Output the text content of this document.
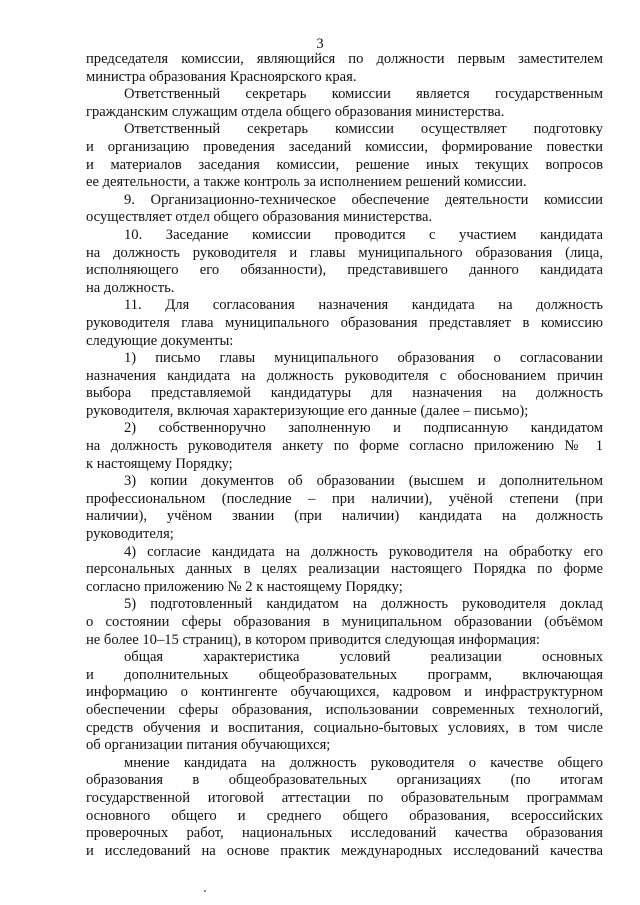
3
председателя комиссии, являющийся по должности первым заместителем
министра образования Красноярского края.
Ответственный секретарь комиссии является государственным
гражданским служащим отдела общего образования министерства.
Ответственный секретарь комиссии осуществляет подготовку
и организацию проведения заседаний комиссии, формирование повестки
и материалов заседания комиссии, решение иных текущих вопросов
ее деятельности, а также контроль за исполнением решений комиссии.
9. Организационно-техническое обеспечение деятельности комиссии
осуществляет отдел общего образования министерства.
10. Заседание комиссии проводится с участием кандидата
на должность руководителя и главы муниципального образования (лица,
исполняющего его обязанности), представившего данного кандидата
на должность.
11. Для согласования назначения кандидата на должность
руководителя глава муниципального образования представляет в комиссию
следующие документы:
1) письмо главы муниципального образования о согласовании
назначения кандидата на должность руководителя с обоснованием причин
выбора представляемой кандидатуры для назначения на должность
руководителя, включая характеризующие его данные (далее – письмо);
2) собственноручно заполненную и подписанную кандидатом
на должность руководителя анкету по форме согласно приложению № 1
к настоящему Порядку;
3) копии документов об образовании (высшем и дополнительном
профессиональном (последние – при наличии), учёной степени (при
наличии), учёном звании (при наличии) кандидата на должность
руководителя;
4) согласие кандидата на должность руководителя на обработку его
персональных данных в целях реализации настоящего Порядка по форме
согласно приложению № 2 к настоящему Порядку;
5) подготовленный кандидатом на должность руководителя доклад
о состоянии сферы образования в муниципальном образовании (объёмом
не более 10–15 страниц), в котором приводится следующая информация:
общая характеристика условий реализации основных
и дополнительных общеобразовательных программ, включающая
информацию о контингенте обучающихся, кадровом и инфраструктурном
обеспечении сферы образования, использовании современных технологий,
средств обучения и воспитания, социально-бытовых условиях, в том числе
об организации питания обучающихся;
мнение кандидата на должность руководителя о качестве общего
образования в общеобразовательных организациях (по итогам
государственной итоговой аттестации по образовательным программам
основного общего и среднего общего образования, всероссийских
проверочных работ, национальных исследований качества образования
и исследований на основе практик международных исследований качества
